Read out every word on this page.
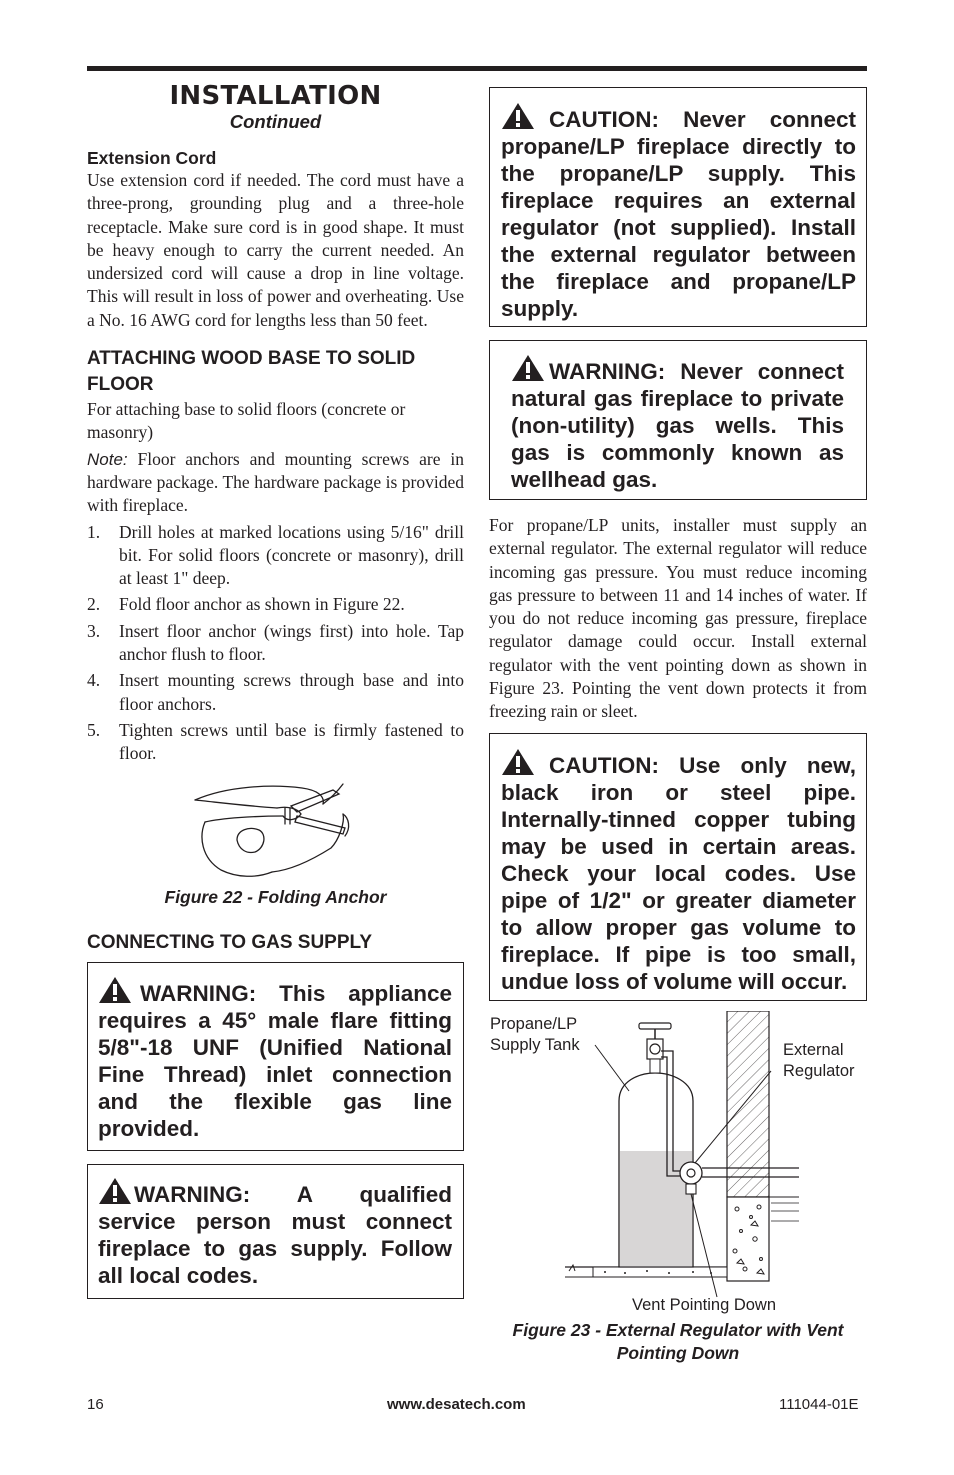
INSTALLATION
Continued
Extension Cord
Use extension cord if needed. The cord must have a three-prong, grounding plug and a three-hole receptacle. Make sure cord is in good shape. It must be heavy enough to carry the current needed. An undersized cord will cause a drop in line voltage. This will result in loss of power and overheating. Use a No. 16 AWG cord for lengths less than 50 feet.
ATTACHING WOOD BASE TO SOLID FLOOR
For attaching base to solid floors (concrete or masonry)
Note: Floor anchors and mounting screws are in hardware package. The hardware package is provided with fireplace.
1. Drill holes at marked locations using 5/16" drill bit. For solid floors (concrete or masonry), drill at least 1" deep.
2. Fold floor anchor as shown in Figure 22.
3. Insert floor anchor (wings first) into hole. Tap anchor flush to floor.
4. Insert mounting screws through base and into floor anchors.
5. Tighten screws until base is firmly fastened to floor.
Figure 22 - Folding Anchor
CONNECTING TO GAS SUPPLY
WARNING: This appliance requires a 45° male flare fitting 5/8"-18 UNF (Unified National Fine Thread) inlet connection and the flexible gas line provided.
WARNING: A qualified service person must connect fireplace to gas supply. Follow all local codes.
CAUTION: Never connect propane/LP fireplace directly to the propane/LP supply. This fireplace requires an external regulator (not supplied). Install the external regulator between the fireplace and propane/LP supply.
WARNING: Never connect natural gas fireplace to private (non-utility) gas wells. This gas is commonly known as wellhead gas.
For propane/LP units, installer must supply an external regulator. The external regulator will reduce incoming gas pressure. You must reduce incoming gas pressure to between 11 and 14 inches of water. If you do not reduce incoming gas pressure, fireplace regulator damage could occur. Install external regulator with the vent pointing down as shown in Figure 23. Pointing the vent down protects it from freezing rain or sleet.
CAUTION: Use only new, black iron or steel pipe. Internally-tinned copper tubing may be used in certain areas. Check your local codes. Use pipe of 1/2" or greater diameter to allow proper gas volume to fireplace. If pipe is too small, undue loss of volume will occur.
Propane/LP
Supply Tank	External
Regulator
Vent Pointing Down
Figure 23 - External Regulator with Vent Pointing Down
16	www.desatech.com	111044-01E
